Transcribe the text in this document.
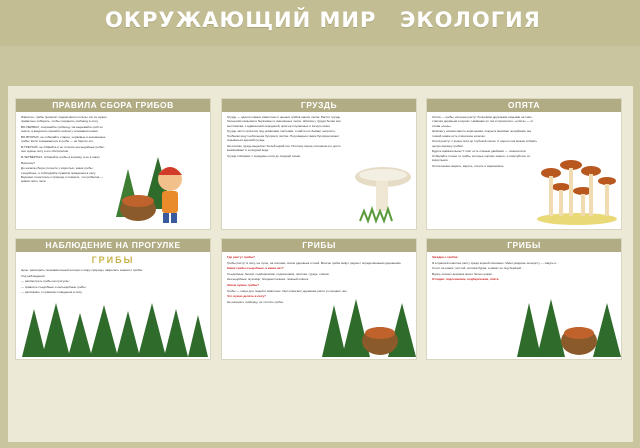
ОКРУЖАЮЩИЙ МИР ЭКОЛОГИЯ
ПРАВИЛА СБОРА ГРИБОВ

Известно, грибы приносят людям много пользы. Но их нужно правильно собирать, чтобы сохранить грибницу в лесу.

ВО-ПЕРВЫХ, сохраняйте грибницу. Не вырывайте гриб из земли, а аккуратно срезайте ножом у основания ножки.

ВО-ВТОРЫХ, не собирайте старые, червивые и незнакомые грибы. Если сомневаетесь в грибе — не берите его.

В-ТРЕТЬИХ, не сбивайте и не топчите несъедобные грибы: они нужны лесу и его обитателям.

В-ЧЕТВЁРТЫХ, собирайте грибы в корзину, а не в пакет.

Вопросы?

До начала сбора уточните у взрослых, какие грибы съедобные, и соблюдайте правила поведения в лесу. Бережно относитесь к природе и помните, что грибница — живая часть леса.

ГРУЗДЬ

Груздь — один из самых известных и ценных грибов наших лесов. Растёт груздь большими семьями в берёзовых и смешанных лесах. Шляпка у груздя белая или желтоватая, с вдавленной серединой, края её опушённые и загнуты вниз.

Груздь часто прячется под опавшими листьями, и найти его бывает непросто. Грибники ищут небольшие бугорки в листве. Под каждым таким бугорком может скрываться крепкий груздь.

На изломе груздь выделяет белый едкий сок. Поэтому перед солением его долго вымачивают в холодной воде.

Грузди собирают с середины лета до поздней осени.

ОПЯТА

Опята — грибы, которые растут большими дружными семьями на пнях, стволах деревьев и корнях. Название их так и произошло: «опята» — от слова «пень».

Шляпка у опёнка светло-коричневая, покрыта мелкими чешуйками. На тонкой ножке есть плёночное колечко.

Опята растут с конца лета до глубокой осени. С одного пня можно собрать целую корзину грибов.

Будьте внимательны! У опят есть ложные двойники — ложноопята. Собирайте только те грибы, которые хорошо знаете, и советуйтесь со взрослыми.

Опята можно жарить, варить, солить и мариновать.

НАБЛЮДЕНИЕ НА ПРОГУЛКЕ
ГРИБЫ

Цель: расширить познавательный интерес к миру природы, закрепить знания о грибах.

Ход наблюдения:

— рассмотреть грибы на прогулке;

— сравнить съедобные и несъедобные грибы;

— рассказать о правилах поведения в лесу.

ГРИБЫ

Где растут грибы?

Грибы растут в лесу, на лугах, на полянах, возле деревьев и пней. Многие грибы живут рядом с определёнными деревьями.

Какие грибы съедобные, а какие нет?

Съедобные: белый, подберёзовик, подосиновик, лисичка, груздь, опёнок.

Несъедобные: мухомор, бледная поганка, ложный опёнок.

Зачем нужны грибы?

Грибы — пища для людей и животных. Они помогают деревьям расти и очищают лес.

Что нужно делать в лесу?

Не разорять грибницу, не топтать грибы.

ГРИБЫ

Загадки о грибах:

Я в красной шапочке расту среди корней осиновых. Меня увидишь за версту — зовусь я…

Стоит на ножке толстой, шляпка бурая, а живёт он под берёзой…

Вдоль лесных дорожек много белых ножек…

Отгадки: подосиновик, подберёзовик, опята.
